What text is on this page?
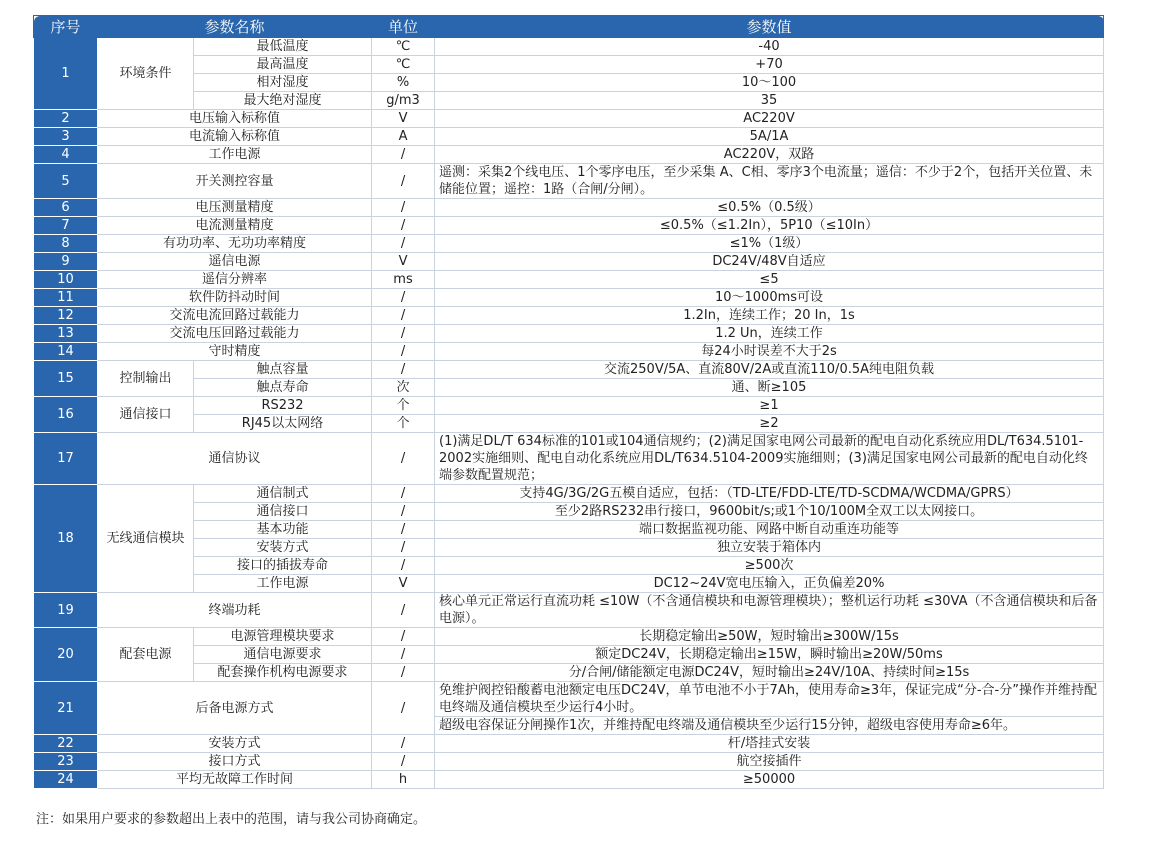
序号	参数名称		单位	参数值
1	环境条件	最低温度	℃	-40
		最高温度	℃	+70
		相对湿度	%	10～100
		最大绝对湿度	g/m3	35
2	电压输入标称值		V	AC220V
3	电流输入标称值		A	5A/1A
4	工作电源		/	AC220V，双路
5	开关测控容量		/	遥测：采集2个线电压、1个零序电压，至少采集 A、C相、零序3个电流量；遥信：不少于2个，包括开关位置、未储能位置；遥控：1路（合闸/分闸）。
6	电压测量精度		/	≤0.5%（0.5级）
7	电流测量精度		/	≤0.5%（≤1.2In），5P10（≤10In）
8	有功功率、无功功率精度		/	≤1%（1级）
9	遥信电源		V	DC24V/48V自适应
10	遥信分辨率		ms	≤5
11	软件防抖动时间		/	10～1000ms可设
12	交流电流回路过载能力		/	1.2In，连续工作；20 In，1s
13	交流电压回路过载能力		/	1.2 Un，连续工作
14	守时精度		/	每24小时误差不大于2s
15	控制输出	触点容量	/	交流250V/5A、直流80V/2A或直流110/0.5A纯电阻负载
		触点寿命	次	通、断≥105
16	通信接口	RS232	个	≥1
		RJ45以太网络	个	≥2
17	通信协议		/	(1)满足DL/T 634标准的101或104通信规约；(2)满足国家电网公司最新的配电自动化系统应用DL/T634.5101-2002实施细则、配电自动化系统应用DL/T634.5104-2009实施细则；(3)满足国家电网公司最新的配电自动化终端参数配置规范；
18	无线通信模块	通信制式	/	支持4G/3G/2G五模自适应，包括：（TD-LTE/FDD-LTE/TD-SCDMA/WCDMA/GPRS）
		通信接口	/	至少2路RS232串行接口，9600bit/s;或1个10/100M全双工以太网接口。
		基本功能	/	端口数据监视功能、网路中断自动重连功能等
		安装方式	/	独立安装于箱体内
		接口的插拔寿命	/	≥500次
		工作电源	V	DC12~24V宽电压输入，正负偏差20%
19	终端功耗		/	核心单元正常运行直流功耗 ≤10W（不含通信模块和电源管理模块）；整机运行功耗 ≤30VA（不含通信模块和后备电源）。
20	配套电源	电源管理模块要求	/	长期稳定输出≥50W，短时输出≥300W/15s
		通信电源要求	/	额定DC24V，长期稳定输出≥15W，瞬时输出≥20W/50ms
		配套操作机构电源要求	/	分/合闸/储能额定电源DC24V，短时输出≥24V/10A、持续时间≥15s
21	后备电源方式		/	免维护阀控铅酸蓄电池额定电压DC24V，单节电池不小于7Ah，使用寿命≥3年，保证完成“分-合-分”操作并维持配电终端及通信模块至少运行4小时。
				超级电容保证分闸操作1次，并维持配电终端及通信模块至少运行15分钟，超级电容使用寿命≥6年。
22	安装方式		/	杆/塔挂式安装
23	接口方式		/	航空接插件
24	平均无故障工作时间		h	≥50000
注：如果用户要求的参数超出上表中的范围，请与我公司协商确定。
